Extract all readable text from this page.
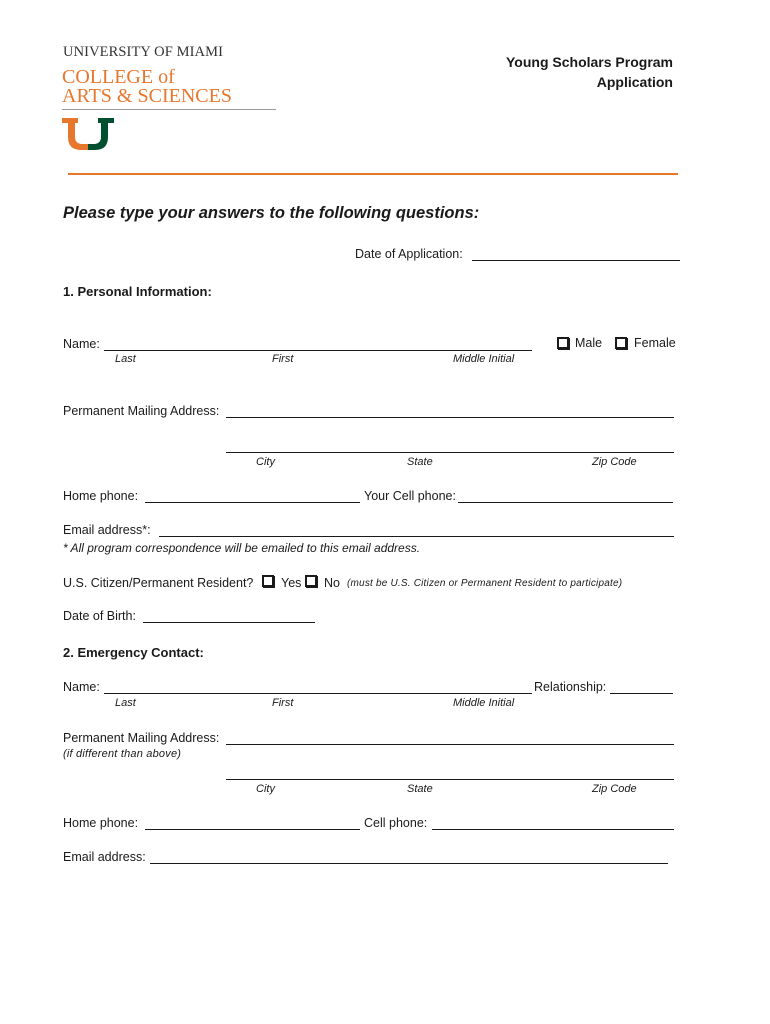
UNIVERSITY OF MIAMI
COLLEGE of
ARTS & SCIENCES
Young Scholars Program
Application
Please type your answers to the following questions:
Date of Application:
1. Personal Information:
Name:
Last	First	Middle Initial
Male	Female
Permanent Mailing Address:
City	State	Zip Code
Home phone:	Your Cell phone:
Email address*:
* All program correspondence will be emailed to this email address.
U.S. Citizen/Permanent Resident? Yes No (must be U.S. Citizen or Permanent Resident to participate)
Date of Birth:
2. Emergency Contact:
Name:	Relationship:
Last	First	Middle Initial
Permanent Mailing Address:
(if different than above)
City	State	Zip Code
Home phone:	Cell phone:
Email address:
